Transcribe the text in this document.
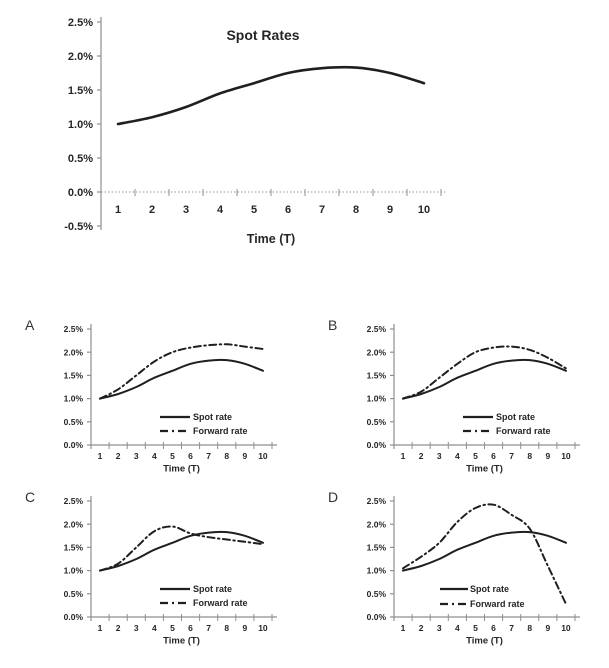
2.5%
2.0%
1.5%
1.0%
0.5%
0.0%
-0.5%
1	2	3	4	5	6	7	8	9 10
Time (T)
Spot Rates
A	2.5%
2.0%
1.5%
1.0%
0.5%
0.0%
1 2 3 4 5 6 7 8 9 10
Time (T)
Spot rate
Forward rate
B	2.5%
2.0%
1.5%
1.0%
0.5%
0.0%
1 2 3 4 5 6 7 8 9 10
Time (T)
Spot rate
Forward rate
C	2.5%
2.0%
1.5%
1.0%
0.5%
0.0%
1 2 3 4 5 6 7 8 9 10
Time (T)
Spot rate
Forward rate
D	2.5%
2.0%
1.5%
1.0%
0.5%
0.0%
1 2 3 4 5 6 7 8 9 10
Time (T)
Spot rate
Forward rate
